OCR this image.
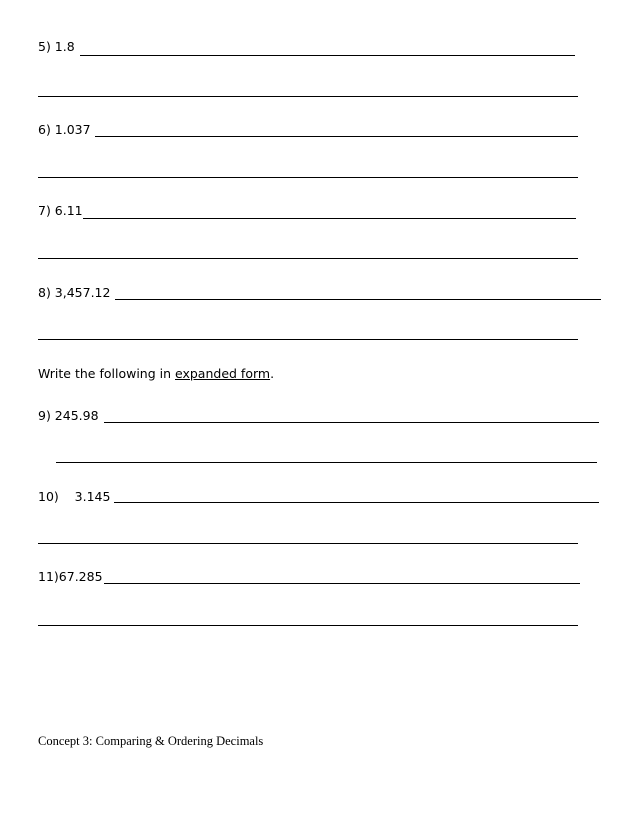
5) 1.8
6) 1.037
7) 6.11
8) 3,457.12
Write the following in expanded form.
9) 245.98
10)    3.145
11)67.285
Concept 3: Comparing & Ordering Decimals
